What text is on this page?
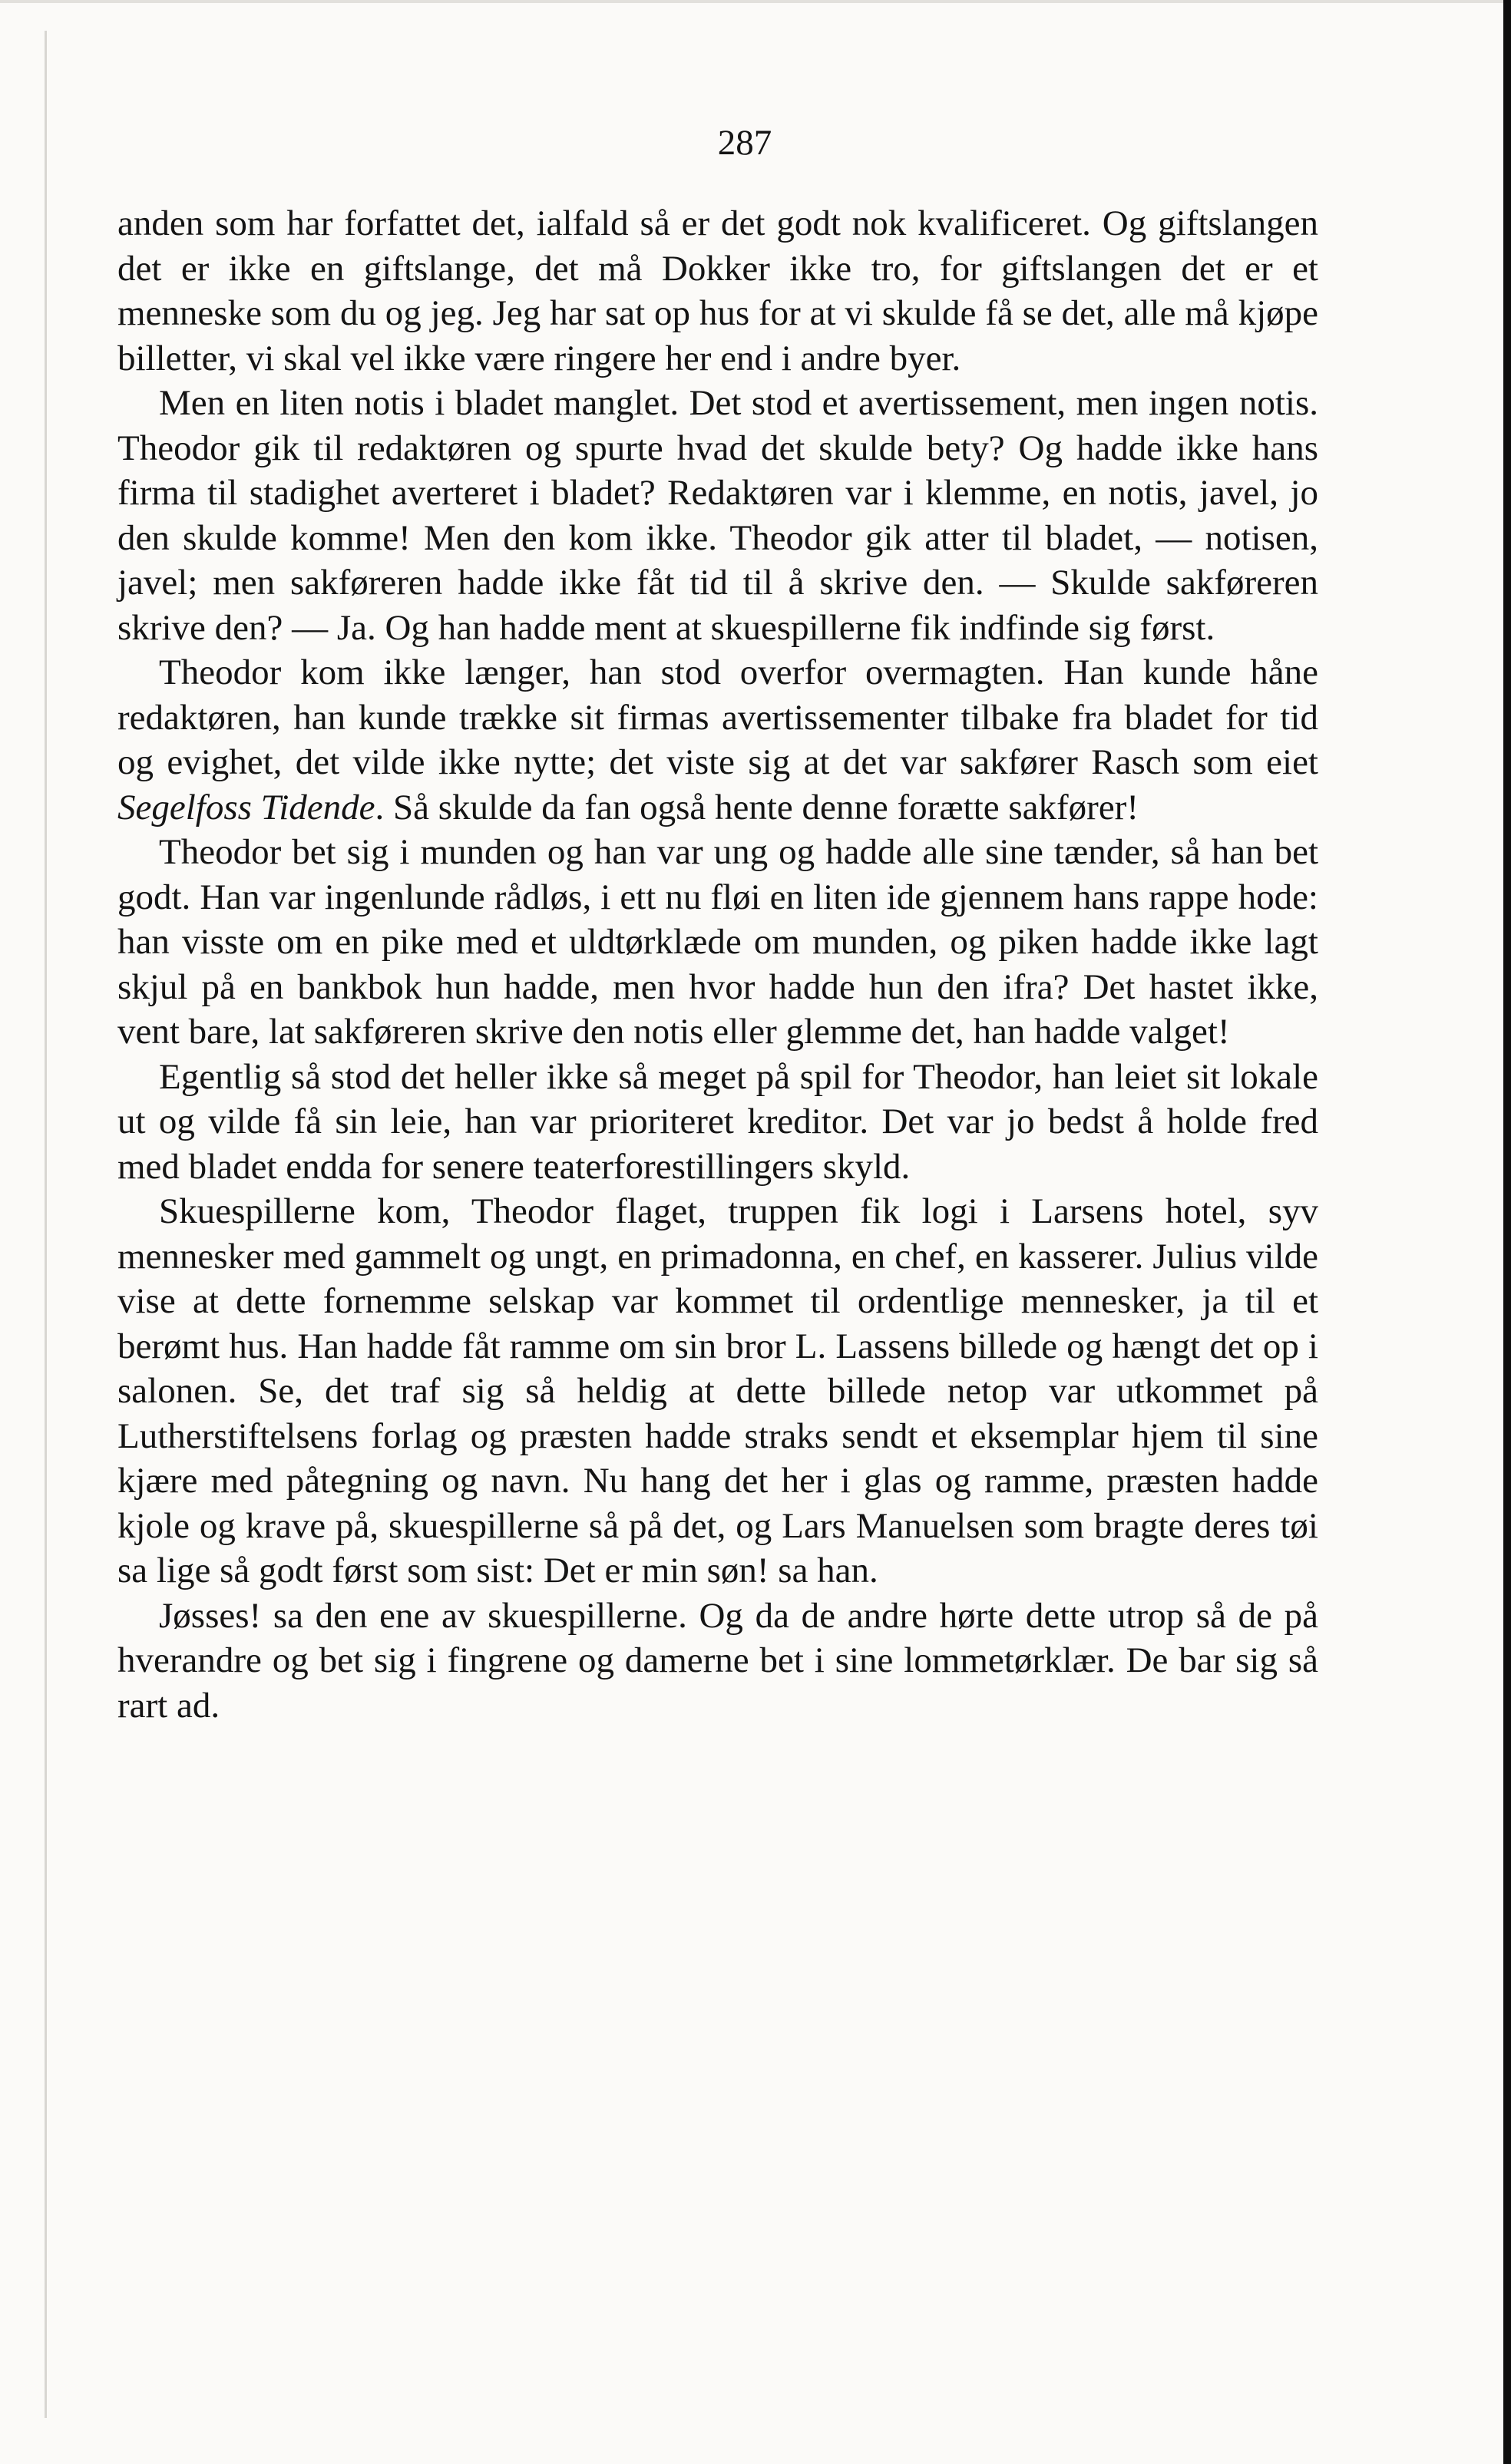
287

anden som har forfattet det, ialfald så er det godt nok kvalificeret. Og giftslangen det er ikke en giftslange, det må Dokker ikke tro, for giftslangen det er et menneske som du og jeg. Jeg har sat op hus for at vi skulde få se det, alle må kjøpe billetter, vi skal vel ikke være ringere her end i andre byer.

Men en liten notis i bladet manglet. Det stod et avertissement, men ingen notis. Theodor gik til redaktøren og spurte hvad det skulde bety? Og hadde ikke hans firma til stadighet averteret i bladet? Redaktøren var i klemme, en notis, javel, jo den skulde komme! Men den kom ikke. Theodor gik atter til bladet, — notisen, javel; men sakføreren hadde ikke fåt tid til å skrive den. — Skulde sakføreren skrive den? — Ja. Og han hadde ment at skuespillerne fik indfinde sig først.

Theodor kom ikke længer, han stod overfor overmagten. Han kunde håne redaktøren, han kunde trække sit firmas avertissementer tilbake fra bladet for tid og evighet, det vilde ikke nytte; det viste sig at det var sakfører Rasch som eiet Segelfoss Tidende. Så skulde da fan også hente denne forætte sakfører!

Theodor bet sig i munden og han var ung og hadde alle sine tænder, så han bet godt. Han var ingenlunde rådløs, i ett nu fløi en liten ide gjennem hans rappe hode: han visste om en pike med et uldtørklæde om munden, og piken hadde ikke lagt skjul på en bankbok hun hadde, men hvor hadde hun den ifra? Det hastet ikke, vent bare, lat sakføreren skrive den notis eller glemme det, han hadde valget!

Egentlig så stod det heller ikke så meget på spil for Theodor, han leiet sit lokale ut og vilde få sin leie, han var prioriteret kreditor. Det var jo bedst å holde fred med bladet endda for senere teaterforestillingers skyld.

Skuespillerne kom, Theodor flaget, truppen fik logi i Larsens hotel, syv mennesker med gammelt og ungt, en primadonna, en chef, en kasserer. Julius vilde vise at dette fornemme selskap var kommet til ordentlige mennesker, ja til et berømt hus. Han hadde fåt ramme om sin bror L. Lassens billede og hængt det op i salonen. Se, det traf sig så heldig at dette billede netop var utkommet på Lutherstiftelsens forlag og præsten hadde straks sendt et eksemplar hjem til sine kjære med påtegning og navn. Nu hang det her i glas og ramme, præsten hadde kjole og krave på, skuespillerne så på det, og Lars Manuelsen som bragte deres tøi sa lige så godt først som sist: Det er min søn! sa han.

Jøsses! sa den ene av skuespillerne. Og da de andre hørte dette utrop så de på hverandre og bet sig i fingrene og damerne bet i sine lommetørklær. De bar sig så rart ad.
